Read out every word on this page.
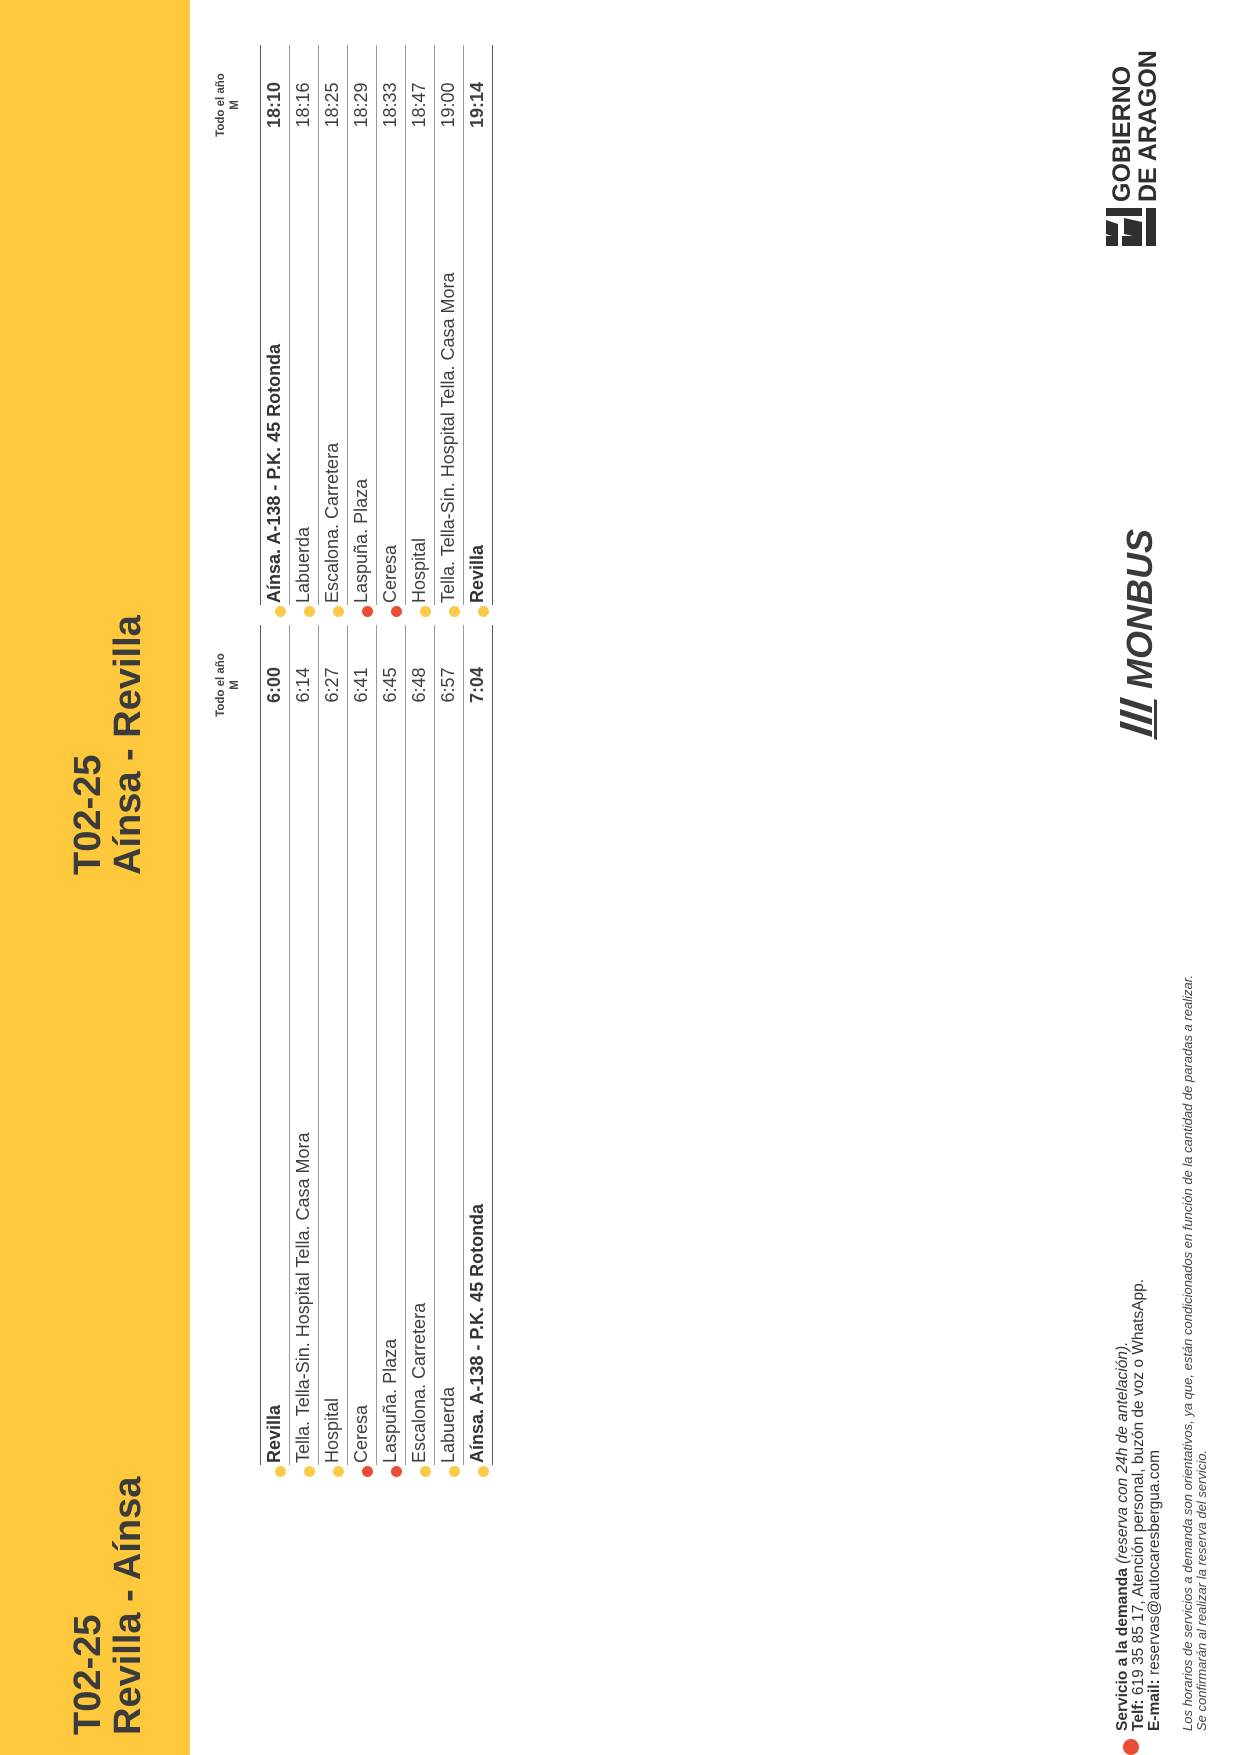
T02-25
Revilla - Aínsa
T02-25
Aínsa - Revilla	Todo el año M
Revilla
6:00
Tella. Tella-Sin. Hospital Tella. Casa Mora
6:14
Hospital
6:27
Ceresa
6:41
Laspuña. Plaza
6:45
Escalona. Carretera
6:48
Labuerda
6:57
Aínsa. A-138 - P.K. 45 Rotonda
7:04
Todo el año M
Aínsa. A-138 - P.K. 45 Rotonda
18:10
Labuerda
18:16
Escalona. Carretera
18:25
Laspuña. Plaza
18:29
Ceresa
18:33
Hospital
18:47
Tella. Tella-Sin. Hospital Tella. Casa Mora
19:00
Revilla
19:14
Servicio a la demanda (reserva con 24h de antelación).
Telf: 619 35 85 17, Atención personal, buzón de voz o WhatsApp.
E-mail: reservas@autocaresbergua.com Los horarios de servicios a demanda son orientativos, ya que, están condicionados en función de la cantidad de paradas a realizar.
Se confirmarán al realizar la reserva del servicio.
MONBUS
GOBIERNO
DE ARAGON
